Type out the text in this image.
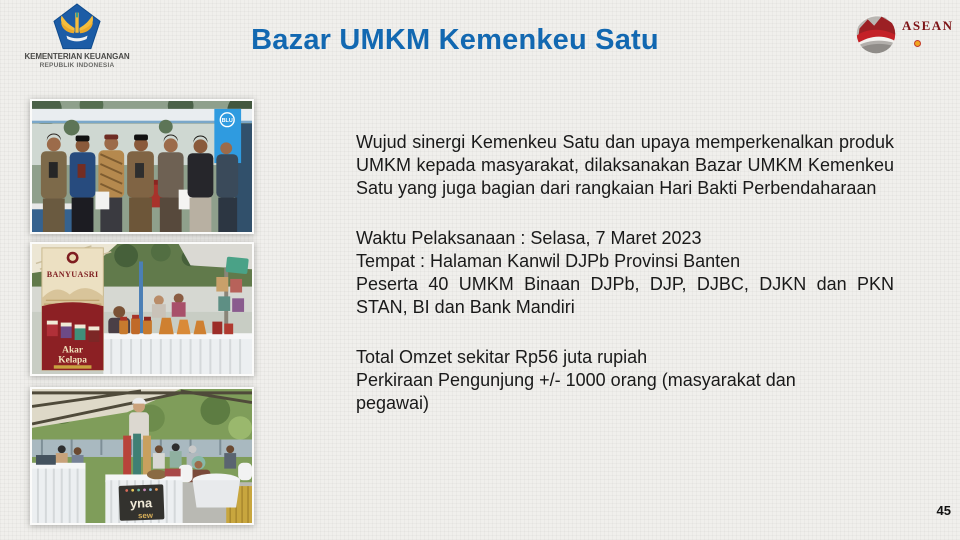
KEMENTERIAN KEUANGAN
REPUBLIK INDONESIA
Bazar UMKM Kemenkeu Satu	ASEAN
BLU
BANYUASRI
Akar
Kelapa
yna
sew

Wujud sinergi Kemenkeu Satu dan upaya memperkenalkan produk UMKM kepada masyarakat, dilaksanakan Bazar UMKM Kemenkeu Satu yang juga bagian dari rangkaian Hari Bakti Perbendaharaan

Waktu Pelaksanaan : Selasa, 7 Maret 2023

Tempat : Halaman Kanwil DJPb Provinsi Banten

Peserta 40 UMKM Binaan DJPb, DJP, DJBC, DJKN dan PKN STAN, BI dan Bank Mandiri

Total Omzet sekitar Rp56 juta rupiah

Perkiraan Pengunjung +/- 1000 orang (masyarakat dan pegawai)

45
